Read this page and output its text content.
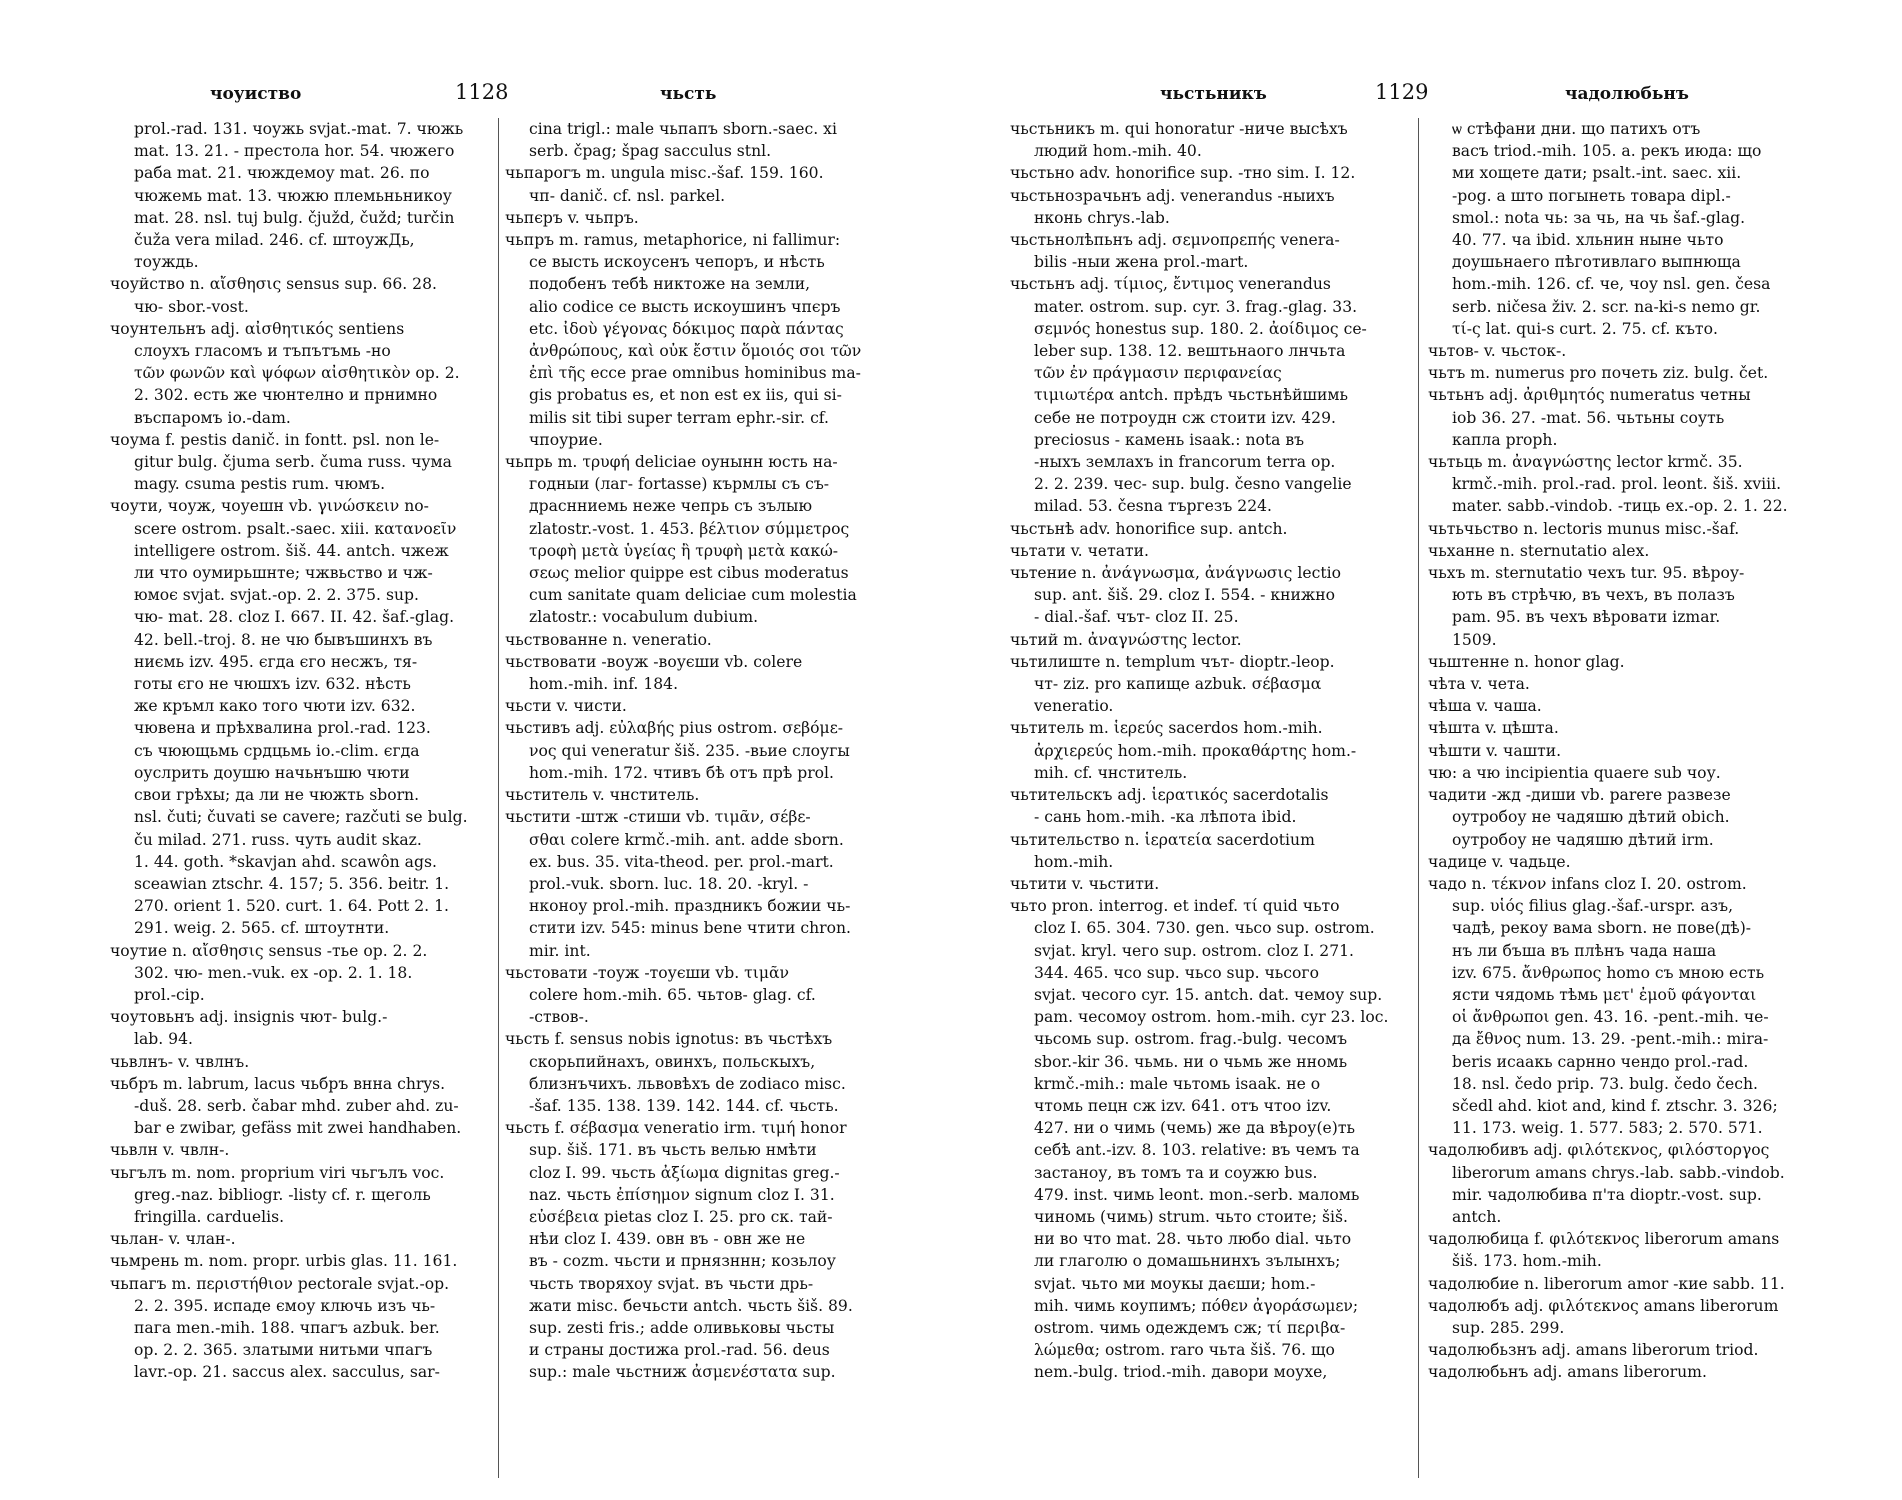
чоуиство	1128	чьсть
prol.-rad. 131. чоужь svjat.-mat. 7. чюжь
mat. 13. 21. - престола hor. 54. чюжего
раба mat. 21. чюждемоу mat. 26. по
чюжемь mat. 13. чюжю племьньникоу
mat. 28. nsl. tuj bulg. čjužd, čužd; turčin
čuža vera milad. 246. cf. штоужДь,
тоуждь.
чоуйство n. αἴσθησις sensus sup. 66. 28.
чю- sbor.-vost.
чоунтельнъ adj. αἰσθητικός sentiens
слоухъ гласомъ и тъпътъмь -но
τῶν φωνῶν καὶ ψόφων αἰσθητικὸν op. 2.
2. 302. есть же чюнтелно и прнимно
въспаромъ io.-dam.
чоума f. pestis danič. in fontt. psl. non le-
gitur bulg. čjuma serb. čuma russ. чума
magy. csuma pestis rum. чюмъ.
чоути, чоуж, чоуешн vb. γινώσκειν no-
scere ostrom. psalt.-saec. xiii. κατανοεῖν
intelligere ostrom. šiš. 44. antch. чжеж
ли что оумирьшнте; чжвьство и чж-
юмоє svjat. svjat.-op. 2. 2. 375. sup.
чю- mat. 28. cloz I. 667. II. 42. šaf.-glag.
42. bell.-troj. 8. не чю бывъшинхъ въ
ниємь izv. 495. єгда єго несжъ, тя-
готы єго не чюшхъ izv. 632. нѣсть
же кръмл како того чюти izv. 632.
чювена и прѣхвалина prol.-rad. 123.
съ чюющьмь срдцьмь io.-clim. єгда
оуслрить доушю начьнъшю чюти
свои грѣхы; да ли не чюжть sborn.
nsl. čuti; čuvati se cavere; razčuti se bulg.
ču milad. 271. russ. чуть audit skaz.
1. 44. goth. *skavjan ahd. scawôn ags.
sceawian ztschr. 4. 157; 5. 356. beitr. 1.
270. orient 1. 520. curt. 1. 64. Pott 2. 1.
291. weig. 2. 565. cf. штоутнти.
чоутие n. αἴσθησις sensus -тье op. 2. 2.
302. чю- men.-vuk. ex -op. 2. 1. 18.
prol.-cip.
чоутовьнъ adj. insignis чют- bulg.-
lab. 94.
чьвлнъ- v. чвлнъ.
чьбръ m. labrum, lacus чьбръ внна chrys.
-duš. 28. serb. čabar mhd. zuber ahd. zu-
bar e zwibar, gefäss mit zwei handhaben.
чьвлн v. чвлн-.
чьгълъ m. nom. proprium viri чьгълъ voc.
greg.-naz. bibliogr. -listy cf. r. щеголь
fringilla. carduelis.
чьлан- v. члан-.
чьмрень m. nom. propr. urbis glas. 11. 161.
чьпагъ m. περιστήθιον pectorale svjat.-op.
2. 2. 395. испаде ємоу ключь изъ чь-
пага men.-mih. 188. чпагъ azbuk. ber.
op. 2. 2. 365. златыми нитьми чпагъ
lavr.-op. 21. saccus alex. sacculus, sar-
cina trigl.: male чьпапъ sborn.-saec. xi
serb. čpag; špag sacculus stnl.
чьпарогъ m. ungula misc.-šaf. 159. 160.
чп- danič. cf. nsl. parkel.
чьпєръ v. чьпръ.
чьпръ m. ramus, metaphorice, ni fallimur:
се высть искоусенъ чепоръ, и нѣсть
подобенъ тебѣ никтоже на земли,
alio codice се высть искоушинъ чпєръ
etc. ἰδοὺ γέγονας δόκιμος παρὰ πάντας
ἀνθρώπους, καὶ οὐκ ἔστιν ὅμοιός σοι τῶν
ἐπὶ τῆς ecce prae omnibus hominibus ma-
gis probatus es, et non est ex iis, qui si-
milis sit tibi super terram ephr.-sir. cf.
чпоурие.
чьпрь m. τρυφή deliciae оунынн юсть на-
годныи (лаг- fortasse) кърмлы съ съ-
драснниемь неже чепрь съ зълыю
zlatostr.-vost. 1. 453. βέλτιον σύμμετρος
τροφὴ μετὰ ὑγείας ἢ τρυφὴ μετὰ κακώ-
σεως melior quippe est cibus moderatus
cum sanitate quam deliciae cum molestia
zlatostr.: vocabulum dubium.
чьствованне n. veneratio.
чьствовати -воуж -воуєши vb. colere
hom.-mih. inf. 184.
чьсти v. чисти.
чьстивъ adj. εὐλαβής pius ostrom. σεβόμε-
νος qui veneratur šiš. 235. -вьие слоугы
hom.-mih. 172. чтивъ бѣ отъ прѣ prol.
чьститель v. чнститель.
чьстити -штж -стиши vb. τιμᾶν, σέβε-
σθαι colere krmč.-mih. ant. adde sborn.
ex. bus. 35. vita-theod. per. prol.-mart.
prol.-vuk. sborn. luc. 18. 20. -kryl. -
нконоу prol.-mih. праздникъ божии чь-
стити izv. 545: minus bene чтити chron.
mir. int.
чьстовати -тоуж -тоуєши vb. τιμᾶν
colere hom.-mih. 65. чьтов- glag. cf.
-ствов-.
чьсть f. sensus nobis ignotus: въ чьстѣхъ
скорьпийнахъ, овинхъ, польскыхъ,
близнъчихъ. львовѣхъ de zodiaco misc.
-šaf. 135. 138. 139. 142. 144. cf. чьсть.
чьсть f. σέβασμα veneratio irm. τιμή honor
sup. šiš. 171. въ чьсть велью нмѣти
cloz I. 99. чьсть ἀξίωμα dignitas greg.-
naz. чьсть ἐπίσημον signum cloz I. 31.
εὐσέβεια pietas cloz I. 25. pro ск. тай-
нѣи cloz I. 439. овн въ - овн же не
въ - cozm. чьсти и прнязннн; козьлоу
чьсть творяхоу svjat. въ чьсти дрь-
жати misc. бечьсти antch. чьсть šiš. 89.
sup. zesti fris.; adde оливьковы чьсты
и страны достижа prol.-rad. 56. deus
sup.: male чьстниж ἀσμενέστατα sup.
чьстьникъ	1129	чадолюбьнъ
чьстьникъ m. qui honoratur -ниче высѣхъ
людий hom.-mih. 40.
чьстьно adv. honorifice sup. -тно sim. I. 12.
чьстьнозрачьнъ adj. venerandus -ныихъ
нконь chrys.-lab.
чьстьнолѣпьнъ adj. σεμνοπρεπής venera-
bilis -ныи жена prol.-mart.
чьстьнъ adj. τίμιος, ἔντιμος venerandus
mater. ostrom. sup. cyr. 3. frag.-glag. 33.
σεμνός honestus sup. 180. 2. ἀοίδιμος ce-
leber sup. 138. 12. вештьнаого лнчьта
τῶν ἐν πράγμασιν περιφανείας
τιμιωτέρα antch. прѣдъ чьстьнѣйшимь
себе не потроудн сж стоити izv. 429.
preciosus - камень isaak.: nota въ
-ныхъ землахъ in francorum terra op.
2. 2. 239. чес- sup. bulg. česno vangelie
milad. 53. česna търгезъ 224.
чьстьнѣ adv. honorifice sup. antch.
чьтати v. четати.
чьтение n. ἀνάγνωσμα, ἀνάγνωσις lectio
sup. ant. šiš. 29. cloz I. 554. - книжно
- dial.-šaf. чът- cloz II. 25.
чьтий m. ἀναγνώστης lector.
чьтилиште n. templum чът- dioptr.-leop.
чт- ziz. pro капище azbuk. σέβασμα
veneratio.
чьтитель m. ἱερεύς sacerdos hom.-mih.
ἀρχιερεύς hom.-mih. προκαθάρτης hom.-
mih. cf. чнститель.
чьтительскъ adj. ἱερατικός sacerdotalis
- сань hom.-mih. -ка лѣпота ibid.
чьтительство n. ἱερατεία sacerdotium
hom.-mih.
чьтити v. чьстити.
чьто pron. interrog. et indef. τί quid чьто
cloz I. 65. 304. 730. gen. чьсо sup. ostrom.
svjat. kryl. чего sup. ostrom. cloz I. 271.
344. 465. чсо sup. чьсо sup. чьсого
svjat. чесого cyr. 15. antch. dat. чемоу sup.
pam. чесомоу ostrom. hom.-mih. cyr 23. loc.
чьсомь sup. ostrom. frag.-bulg. чесомъ
sbor.-kir 36. чьмь. ни о чьмь же нномь
krmč.-mih.: male чьтомь isaak. не о
чтомь пецн сж izv. 641. отъ чтоо izv.
427. ни о чимь (чемь) же да вѣроу(е)ть
себѣ ant.-izv. 8. 103. relative: въ чемъ та
застаноу, въ томъ та и соужю bus.
479. inst. чимь leont. mon.-serb. маломь
чиномь (чимь) strum. чьто стоите; šiš.
ни во что mat. 28. чьто любо dial. чьто
ли глаголю о домашьнинхъ зълынхъ;
svjat. чьто ми моукы даєши; hom.-
mih. чимь коупимъ; πόθεν ἀγοράσωμεν;
ostrom. чимь одеждемъ сж; τί περιβα-
λώμεθα; ostrom. raro чьта šiš. 76. що
nem.-bulg. triod.-mih. давори моухе,
ѡ стѣфани дни. що патихъ отъ
васъ triod.-mih. 105. а. рекъ июда: що
ми хощете дати; psalt.-int. saec. xii.
-pog. а што погынеть товара dipl.-
smol.: nota чь: за чь, на чь šaf.-glag.
40. 77. ча ibid. хльнин ныне чьто
доушьнаего пѣготивлаго выпнюща
hom.-mih. 126. cf. че, чоу nsl. gen. česa
serb. ničesa živ. 2. scr. na-ki-s nemo gr.
τί-ς lat. qui-s curt. 2. 75. cf. къто.
чьтов- v. чьсток-.
чьтъ m. numerus pro почеть ziz. bulg. čet.
чьтьнъ adj. ἀριθμητός numeratus четны
iob 36. 27. -mat. 56. чьтьны соуть
капла proph.
чьтьць m. ἀναγνώστης lector krmč. 35.
krmč.-mih. prol.-rad. prol. leont. šiš. xviii.
mater. sabb.-vindob. -тиць ex.-op. 2. 1. 22.
чьтьчьство n. lectoris munus misc.-šaf.
чьханне n. sternutatio alex.
чьхъ m. sternutatio чехъ tur. 95. вѣроу-
ють въ стрѣчю, въ чехъ, въ полазъ
pam. 95. въ чехъ вѣровати izmar.
1509.
чьштенне n. honor glag.
чѣта v. чета.
чѣша v. чаша.
чѣшта v. цѣшта.
чѣшти v. чашти.
чю: а чю incipientia quaere sub чоу.
чадити -жд -диши vb. parere развезе
оутробоу не чадяшю дѣтий obich.
оутробоу не чадяшю дѣтий irm.
чадице v. чадьце.
чадо n. τέκνον infans cloz I. 20. ostrom.
sup. υἱός filius glag.-šaf.-urspr. азъ,
чадѣ, рекоу вама sborn. не пове(дѣ)-
нъ ли бъша въ плѣнъ чада наша
izv. 675. ἄνθρωπος homo съ мною есть
ясти чядомь тѣмь μετ' ἐμοῦ φάγονται
οἱ ἄνθρωποι gen. 43. 16. -pent.-mih. че-
да ἔθνος num. 13. 29. -pent.-mih.: mira-
beris исаакь сарнно чендо prol.-rad.
18. nsl. čedo prip. 73. bulg. čedo čech.
sčedl ahd. kiot and, kind f. ztschr. 3. 326;
11. 173. weig. 1. 577. 583; 2. 570. 571.
чадолюбивъ adj. φιλότεκνος, φιλόστοργος
liberorum amans chrys.-lab. sabb.-vindob.
mir. чадолюбива п'та dioptr.-vost. sup.
antch.
чадолюбица f. φιλότεκνος liberorum amans
šiš. 173. hom.-mih.
чадолюбие n. liberorum amor -кие sabb. 11.
чадолюбъ adj. φιλότεκνος amans liberorum
sup. 285. 299.
чадолюбьзнъ adj. amans liberorum triod.
чадолюбьнъ adj. amans liberorum.
